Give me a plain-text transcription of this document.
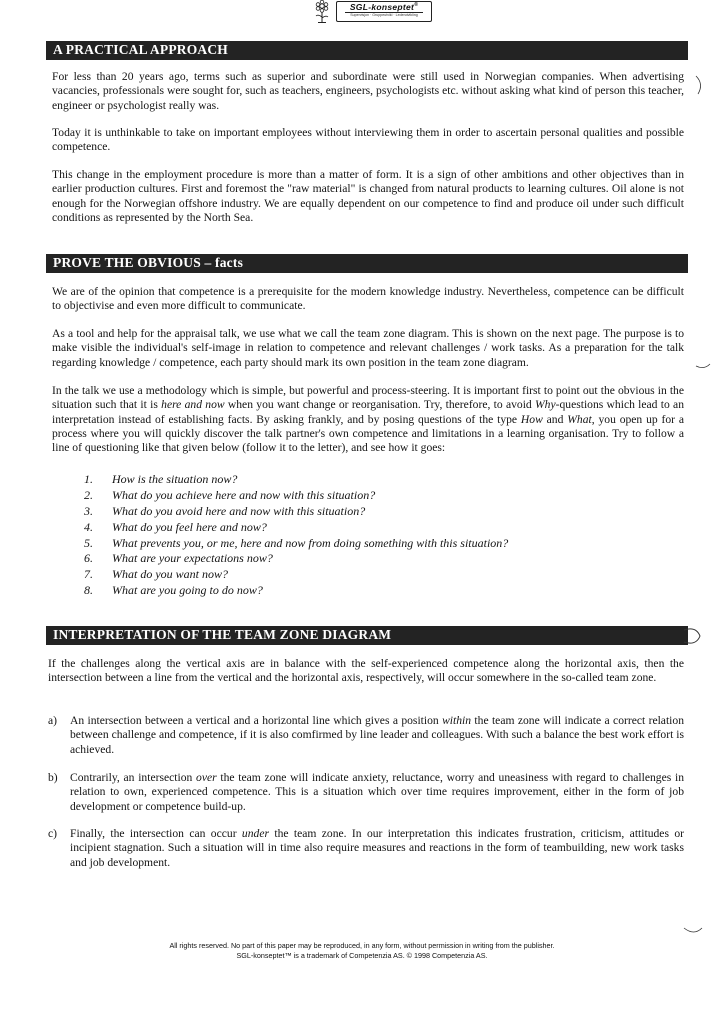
SGL-konseptet®
Supervisjon · Gruppeutvikl · Lederutvikling
A PRACTICAL APPROACH

For less than 20 years ago, terms such as superior and subordinate were still used in Norwegian companies. When advertising vacancies, professionals were sought for, such as teachers, engineers, psychologists etc. without asking what kind of person this teacher, engineer or psychologist really was.

Today it is unthinkable to take on important employees without interviewing them in order to ascertain personal qualities and possible competence.

This change in the employment procedure is more than a matter of form. It is a sign of other ambitions and other objectives than in earlier production cultures. First and foremost the "raw material" is changed from natural products to learning cultures. Oil alone is not enough for the Norwegian offshore industry. We are equally dependent on our competence to find and produce oil under such difficult conditions as represented by the North Sea.

PROVE THE OBVIOUS – facts

We are of the opinion that competence is a prerequisite for the modern knowledge industry. Nevertheless, competence can be difficult to objectivise and even more difficult to communicate.

As a tool and help for the appraisal talk, we use what we call the team zone diagram. This is shown on the next page. The purpose is to make visible the individual's self-image in relation to competence and relevant challenges / work tasks. As a preparation for the talk regarding knowledge / competence, each party should mark its own position in the team zone diagram.

In the talk we use a methodology which is simple, but powerful and process-steering. It is important first to point out the obvious in the situation such that it is here and now when you want change or reorganisation. Try, therefore, to avoid Why-questions which lead to an interpretation instead of establishing facts. By asking frankly, and by posing questions of the type How and What, you open up for a process where you will quickly discover the talk partner's own competence and limitations in a learning organisation. Try to follow a line of questioning like that given below (follow it to the letter), and see how it goes:

1. How is the situation now?
2. What do you achieve here and now with this situation?
3. What do you avoid here and now with this situation?
4. What do you feel here and now?
5. What prevents you, or me, here and now from doing something with this situation?
6. What are your expectations now?
7. What do you want now?
8. What are you going to do now?
INTERPRETATION OF THE TEAM ZONE DIAGRAM

If the challenges along the vertical axis are in balance with the self-experienced competence along the horizontal axis, then the intersection between a line from the vertical and the horizontal axis, respectively, will occur somewhere in the so-called team zone.

a) An intersection between a vertical and a horizontal line which gives a position within the team zone will indicate a correct relation between challenge and competence, if it is also comfirmed by line leader and colleagues. With such a balance the best work effort is achieved.
b) Contrarily, an intersection over the team zone will indicate anxiety, reluctance, worry and uneasiness with regard to challenges in relation to own, experienced competence. This is a situation which over time requires improvement, either in the form of job development or competence build-up.
c) Finally, the intersection can occur under the team zone. In our interpretation this indicates frustration, criticism, attitudes or incipient stagnation. Such a situation will in time also require measures and reactions in the form of teambuilding, new work tasks and job development.
All rights reserved. No part of this paper may be reproduced, in any form, without permission in writing from the publisher.
SGL-konseptet™ is a trademark of Competenzia AS. © 1998 Competenzia AS.
